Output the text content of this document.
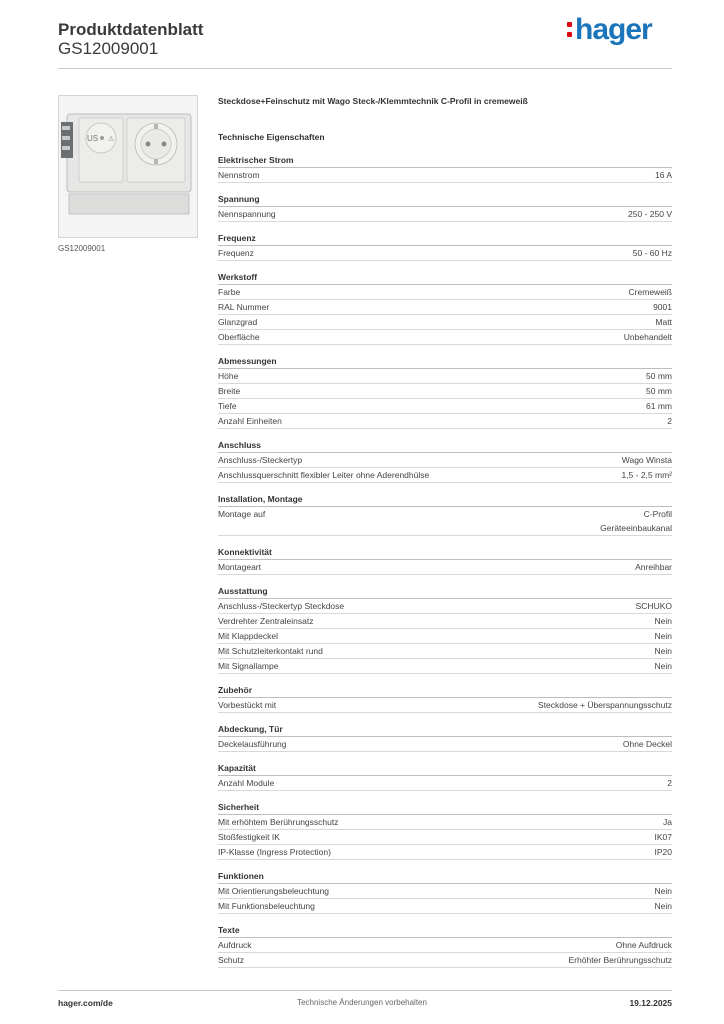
Produktdatenblatt
GS12009001
hager
US ⚠
GS12009001
Steckdose+Feinschutz mit Wago Steck-/Klemmtechnik C-Profil in cremeweiß
Technische Eigenschaften
Elektrischer Strom
Nennstrom	16 A
Spannung
Nennspannung	250 - 250 V
Frequenz
Frequenz	50 - 60 Hz
Werkstoff
Farbe	Cremeweiß
RAL Nummer	9001
Glanzgrad	Matt
Oberfläche	Unbehandelt
Abmessungen
Höhe	50 mm
Breite	50 mm
Tiefe	61 mm
Anzahl Einheiten	2
Anschluss
Anschluss-/Steckertyp	Wago Winsta
Anschlussquerschnitt flexibler Leiter ohne Aderendhülse	1,5 - 2,5 mm²
Installation, Montage
Montage auf	C-Profil
Geräteeinbaukanal
Konnektivität
Montageart	Anreihbar
Ausstattung
Anschluss-/Steckertyp Steckdose	SCHUKO
Verdrehter Zentraleinsatz	Nein
Mit Klappdeckel	Nein
Mit Schutzleiterkontakt rund	Nein
Mit Signallampe	Nein
Zubehör
Vorbestückt mit	Steckdose + Überspannungsschutz
Abdeckung, Tür
Deckelausführung	Ohne Deckel
Kapazität
Anzahl Module	2
Sicherheit
Mit erhöhtem Berührungsschutz	Ja
Stoßfestigkeit IK	IK07
IP-Klasse (Ingress Protection)	IP20
Funktionen
Mit Orientierungsbeleuchtung	Nein
Mit Funktionsbeleuchtung	Nein
Texte
Aufdruck	Ohne Aufdruck
Schutz	Erhöhter Berührungsschutz
hager.com/de	Technische Änderungen vorbehalten	19.12.2025
